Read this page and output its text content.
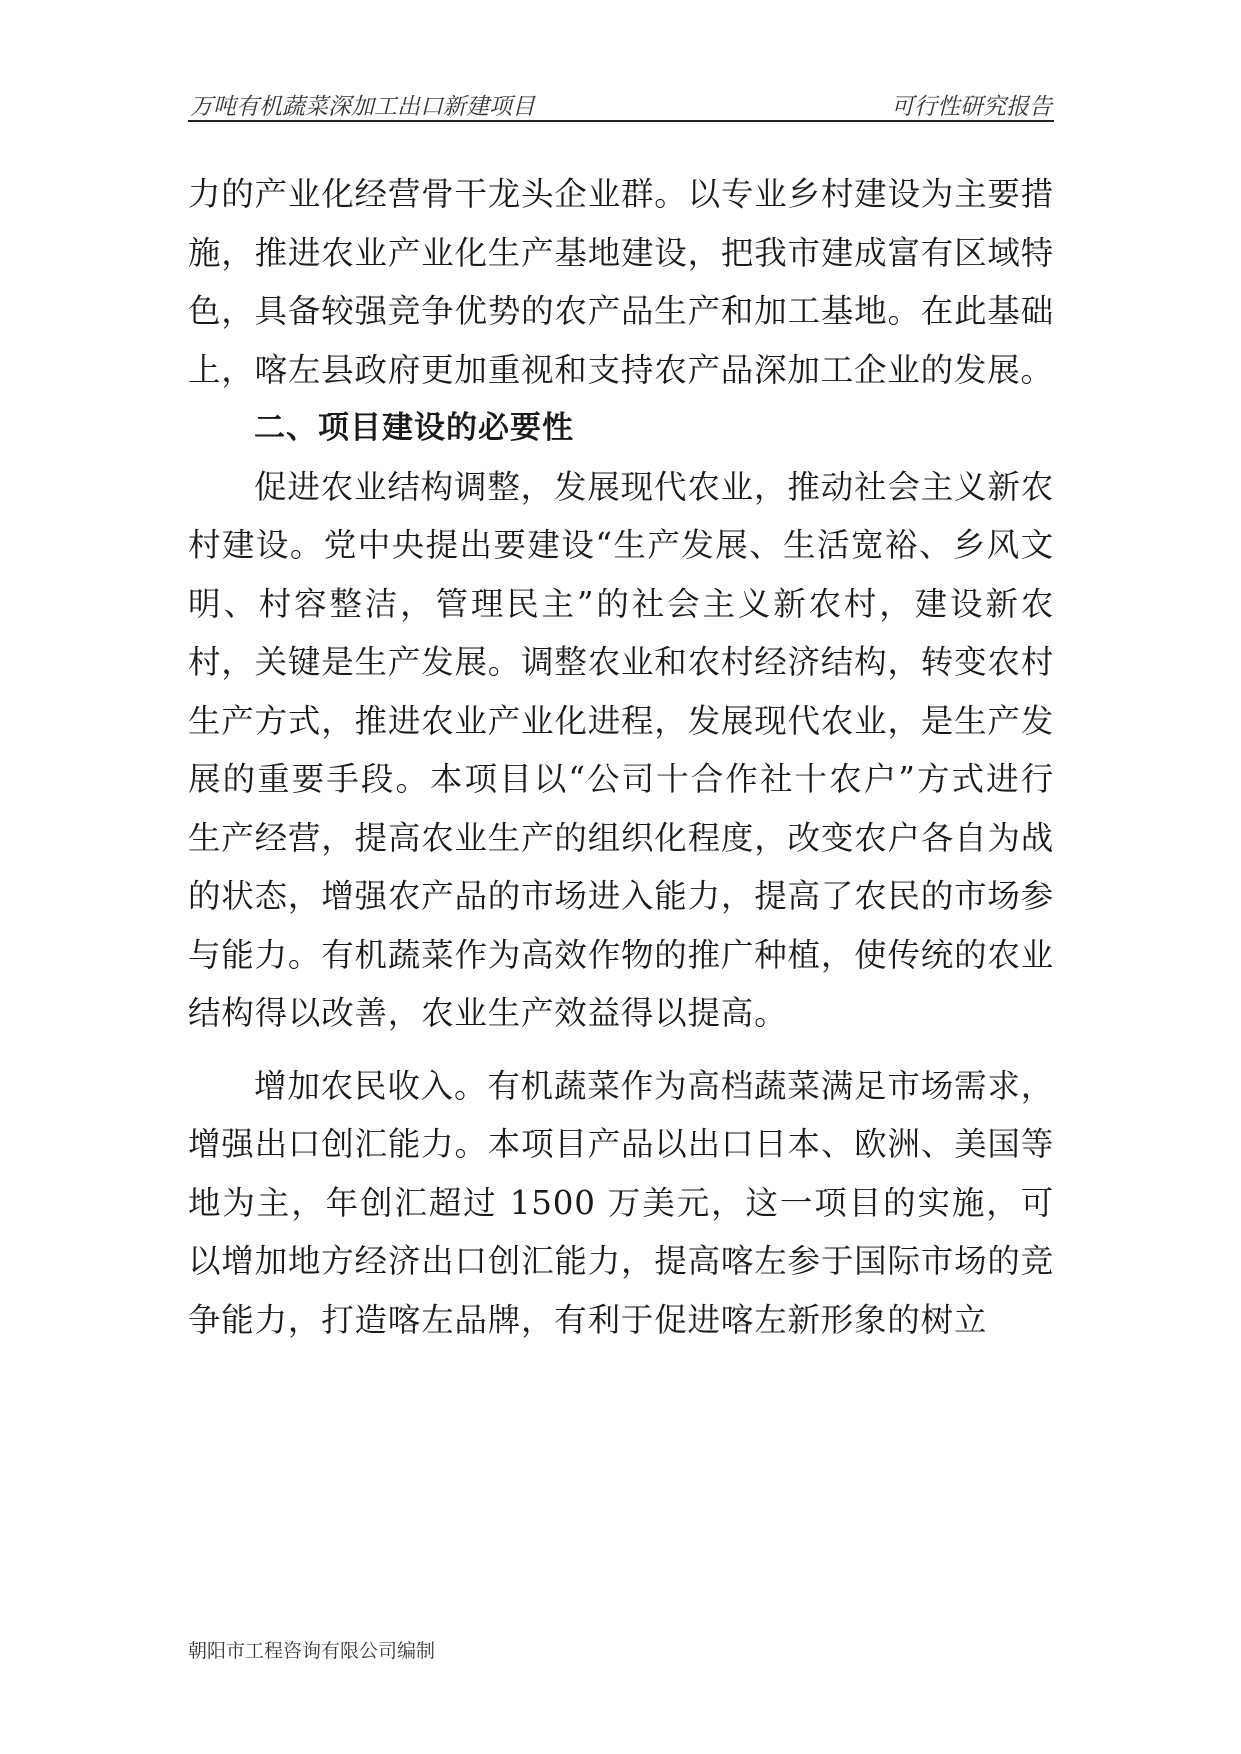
万吨有机蔬菜深加工出口新建项目	可行性研究报告

力的产业化经营骨干龙头企业群。以专业乡村建设为主要措施，推进农业产业化生产基地建设，把我市建成富有区域特色，具备较强竞争优势的农产品生产和加工基地。在此基础上，喀左县政府更加重视和支持农产品深加工企业的发展。

二、项目建设的必要性

促进农业结构调整，发展现代农业，推动社会主义新农村建设。党中央提出要建设“生产发展、生活宽裕、乡风文明、村容整洁，管理民主”的社会主义新农村，建设新农村，关键是生产发展。调整农业和农村经济结构，转变农村生产方式，推进农业产业化进程，发展现代农业，是生产发展的重要手段。本项目以“公司十合作社十农户”方式进行生产经营，提高农业生产的组织化程度，改变农户各自为战的状态，增强农产品的市场进入能力，提高了农民的市场参与能力。有机蔬菜作为高效作物的推广种植，使传统的农业结构得以改善，农业生产效益得以提高。

增加农民收入。有机蔬菜作为高档蔬菜满足市场需求，增强出口创汇能力。本项目产品以出口日本、欧洲、美国等地为主，年创汇超过 1500 万美元，这一项目的实施，可以增加地方经济出口创汇能力，提高喀左参于国际市场的竞争能力，打造喀左品牌，有利于促进喀左新形象的树立

朝阳市工程咨询有限公司编制
